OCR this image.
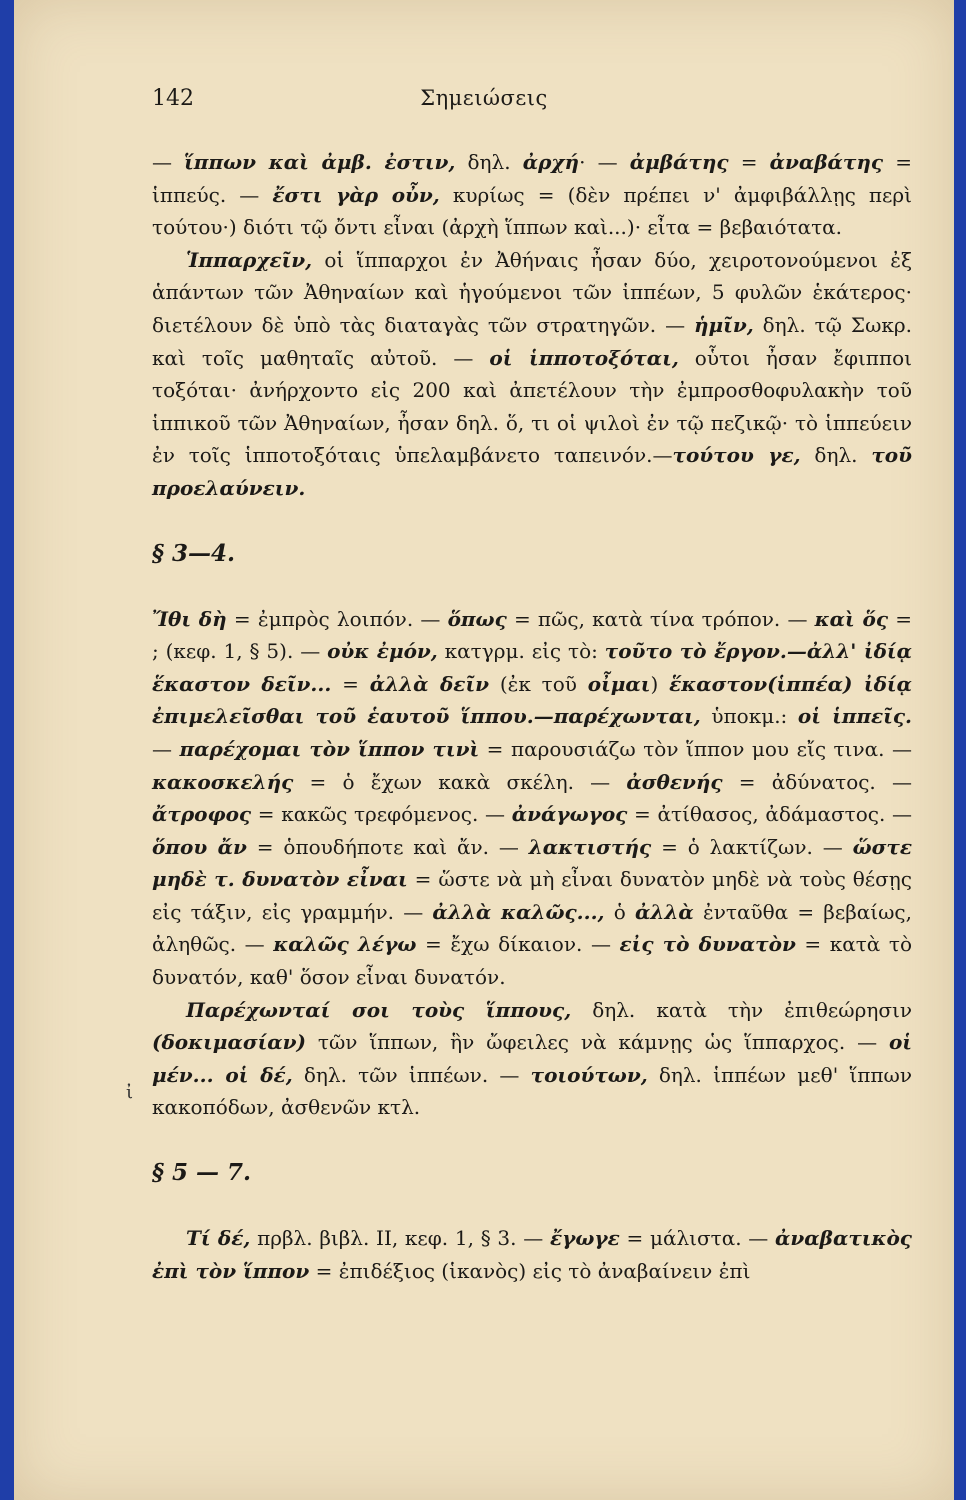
142	Σημειώσεις

— ἵππων καὶ ἀμβ. ἐστιν, δηλ. ἀρχή· — ἀμβάτης = ἀναβάτης = ἱππεύς. — ἔστι γὰρ οὖν, κυρίως = (δὲν πρέπει ν' ἀμφιβάλλῃς περὶ τούτου·) διότι τῷ ὄντι εἶναι (ἀρχὴ ἵππων καὶ...)· εἶτα = βεβαιότατα.

Ἱππαρχεῖν, οἱ ἵππαρχοι ἐν Ἀθήναις ἦσαν δύο, χειροτονούμενοι ἐξ ἁπάντων τῶν Ἀθηναίων καὶ ἡγούμενοι τῶν ἱππέων, 5 φυλῶν ἑκάτερος· διετέλουν δὲ ὑπὸ τὰς διαταγὰς τῶν στρατηγῶν. — ἡμῖν, δηλ. τῷ Σωκρ. καὶ τοῖς μαθηταῖς αὐτοῦ. — οἱ ἱπποτοξόται, οὗτοι ἦσαν ἔφιπποι τοξόται· ἀνήρχοντο εἰς 200 καὶ ἀπετέλουν τὴν ἐμπροσθοφυλακὴν τοῦ ἱππικοῦ τῶν Ἀθηναίων, ἦσαν δηλ. ὅ, τι οἱ ψιλοὶ ἐν τῷ πεζικῷ· τὸ ἱππεύειν ἐν τοῖς ἱπποτοξόταις ὑπελαμβάνετο ταπεινόν.—τούτου γε, δηλ. τοῦ προελαύνειν.

§ 3—4.

Ἴθι δὴ = ἐμπρὸς λοιπόν. — ὅπως = πῶς, κατὰ τίνα τρόπον. — καὶ ὅς = ; (κεφ. 1, § 5). — οὐκ ἐμόν, κατγρμ. εἰς τὸ: τοῦτο τὸ ἔργον.—ἀλλ' ἰδίᾳ ἕκαστον δεῖν... = ἀλλὰ δεῖν (ἐκ τοῦ οἶμαι) ἕκαστον(ἱππέα) ἰδίᾳ ἐπιμελεῖσθαι τοῦ ἑαυτοῦ ἵππου.—παρέχωνται, ὑποκμ.: οἱ ἱππεῖς. — παρέχομαι τὸν ἵππον τινὶ = παρουσιάζω τὸν ἵππον μου εἴς τινα. — κακοσκελής = ὁ ἔχων κακὰ σκέλη. — ἀσθενής = ἀδύνατος. — ἄτροφος = κακῶς τρεφόμενος. — ἀνάγωγος = ἀτίθασος, ἀδάμαστος. — ὅπου ἄν = ὁπουδήποτε καὶ ἄν. — λακτιστής = ὁ λακτίζων. — ὥστε μηδὲ τ. δυνατὸν εἶναι = ὥστε νὰ μὴ εἶναι δυνατὸν μηδὲ νὰ τοὺς θέσῃς εἰς τάξιν, εἰς γραμμήν. — ἀλλὰ καλῶς..., ὁ ἀλλὰ ἐνταῦθα = βεβαίως, ἀληθῶς. — καλῶς λέγω = ἔχω δίκαιον. — εἰς τὸ δυνατὸν = κατὰ τὸ δυνατόν, καθ' ὅσον εἶναι δυνατόν.

Παρέχωνταί σοι τοὺς ἵππους, δηλ. κατὰ τὴν ἐπιθεώρησιν (δοκιμασίαν) τῶν ἵππων, ἣν ὤφειλες νὰ κάμνῃς ὡς ἵππαρχος. — οἱ μέν... οἱ δέ, δηλ. τῶν ἱππέων. — τοιούτων, δηλ. ἱππέων μεθ' ἵππων κακοπόδων, ἀσθενῶν κτλ.

§ 5 — 7.

Τί δέ, πρβλ. βιβλ. II, κεφ. 1, § 3. — ἔγωγε = μάλιστα. — ἀναβατικὸς ἐπὶ τὸν ἵππον = ἐπιδέξιος (ἱκανὸς) εἰς τὸ ἀναβαίνειν ἐπὶ

ἰ
